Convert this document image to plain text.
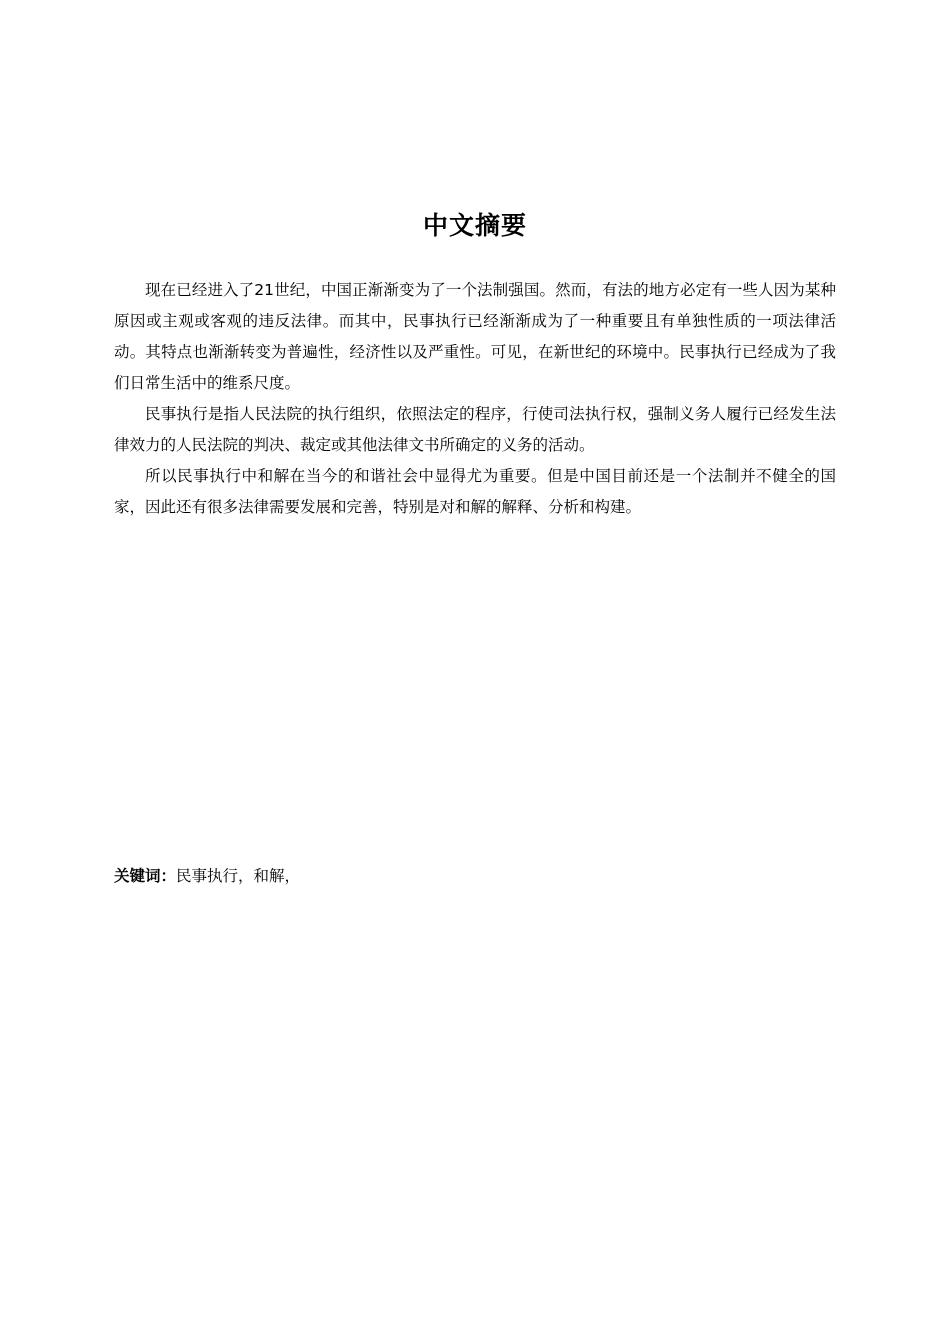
中文摘要

现在已经进入了21世纪，中国正渐渐变为了一个法制强国。然而，有法的地方必定有一些人因为某种原因或主观或客观的违反法律。而其中，民事执行已经渐渐成为了一种重要且有单独性质的一项法律活动。其特点也渐渐转变为普遍性，经济性以及严重性。可见，在新世纪的环境中。民事执行已经成为了我们日常生活中的维系尺度。

民事执行是指人民法院的执行组织，依照法定的程序，行使司法执行权，强制义务人履行已经发生法律效力的人民法院的判决、裁定或其他法律文书所确定的义务的活动。

所以民事执行中和解在当今的和谐社会中显得尤为重要。但是中国目前还是一个法制并不健全的国家，因此还有很多法律需要发展和完善，特别是对和解的解释、分析和构建。

关键词：民事执行，和解，
